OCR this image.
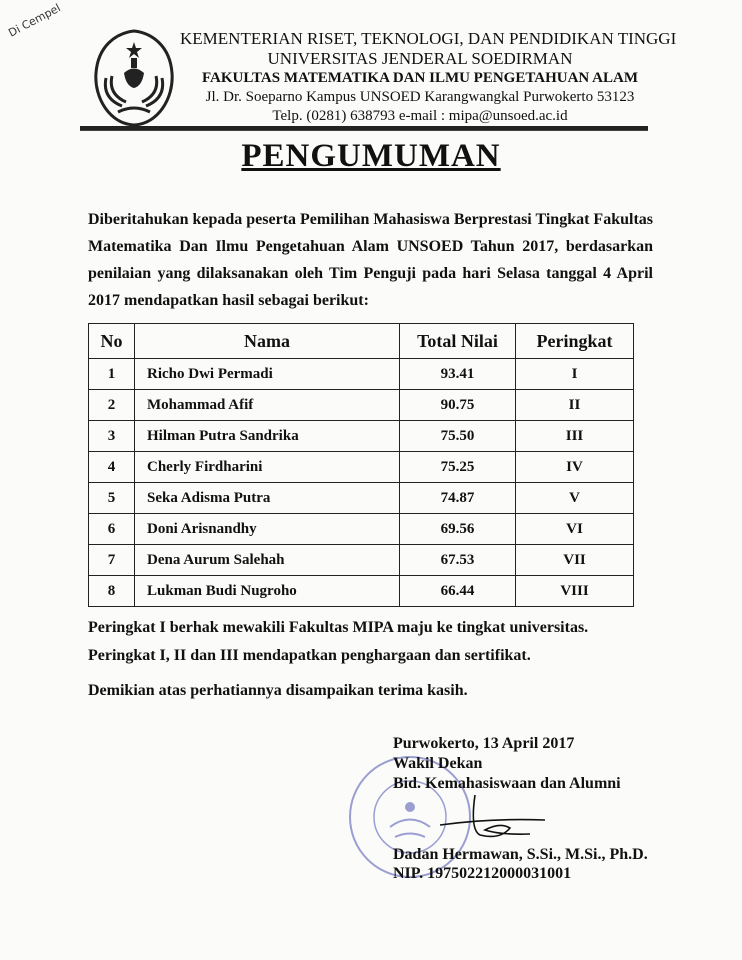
Di Cempel	KEMENTERIAN RISET, TEKNOLOGI, DAN PENDIDIKAN TINGGI
UNIVERSITAS JENDERAL SOEDIRMAN
FAKULTAS MATEMATIKA DAN ILMU PENGETAHUAN ALAM
Jl. Dr. Soeparno Kampus UNSOED Karangwangkal Purwokerto 53123
Telp. (0281) 638793 e-mail : mipa@unsoed.ac.id
PENGUMUMAN
Diberitahukan kepada peserta Pemilihan Mahasiswa Berprestasi Tingkat Fakultas Matematika Dan Ilmu Pengetahuan Alam UNSOED Tahun 2017, berdasarkan penilaian yang dilaksanakan oleh Tim Penguji pada hari Selasa tanggal 4 April 2017 mendapatkan hasil sebagai berikut:
No	Nama	Total Nilai	Peringkat
1	Richo Dwi Permadi	93.41	I
2	Mohammad Afif	90.75	II
3	Hilman Putra Sandrika	75.50	III
4	Cherly Firdharini	75.25	IV
5	Seka Adisma Putra	74.87	V
6	Doni Arisnandhy	69.56	VI
7	Dena Aurum Salehah	67.53	VII
8	Lukman Budi Nugroho	66.44	VIII
Peringkat I berhak mewakili Fakultas MIPA maju ke tingkat universitas.
Peringkat I, II dan III mendapatkan penghargaan dan sertifikat.
Demikian atas perhatiannya disampaikan terima kasih.
Purwokerto, 13 April 2017
Wakil Dekan
Bid. Kemahasiswaan dan Alumni
Dadan Hermawan, S.Si., M.Si., Ph.D.
NIP. 197502212000031001
